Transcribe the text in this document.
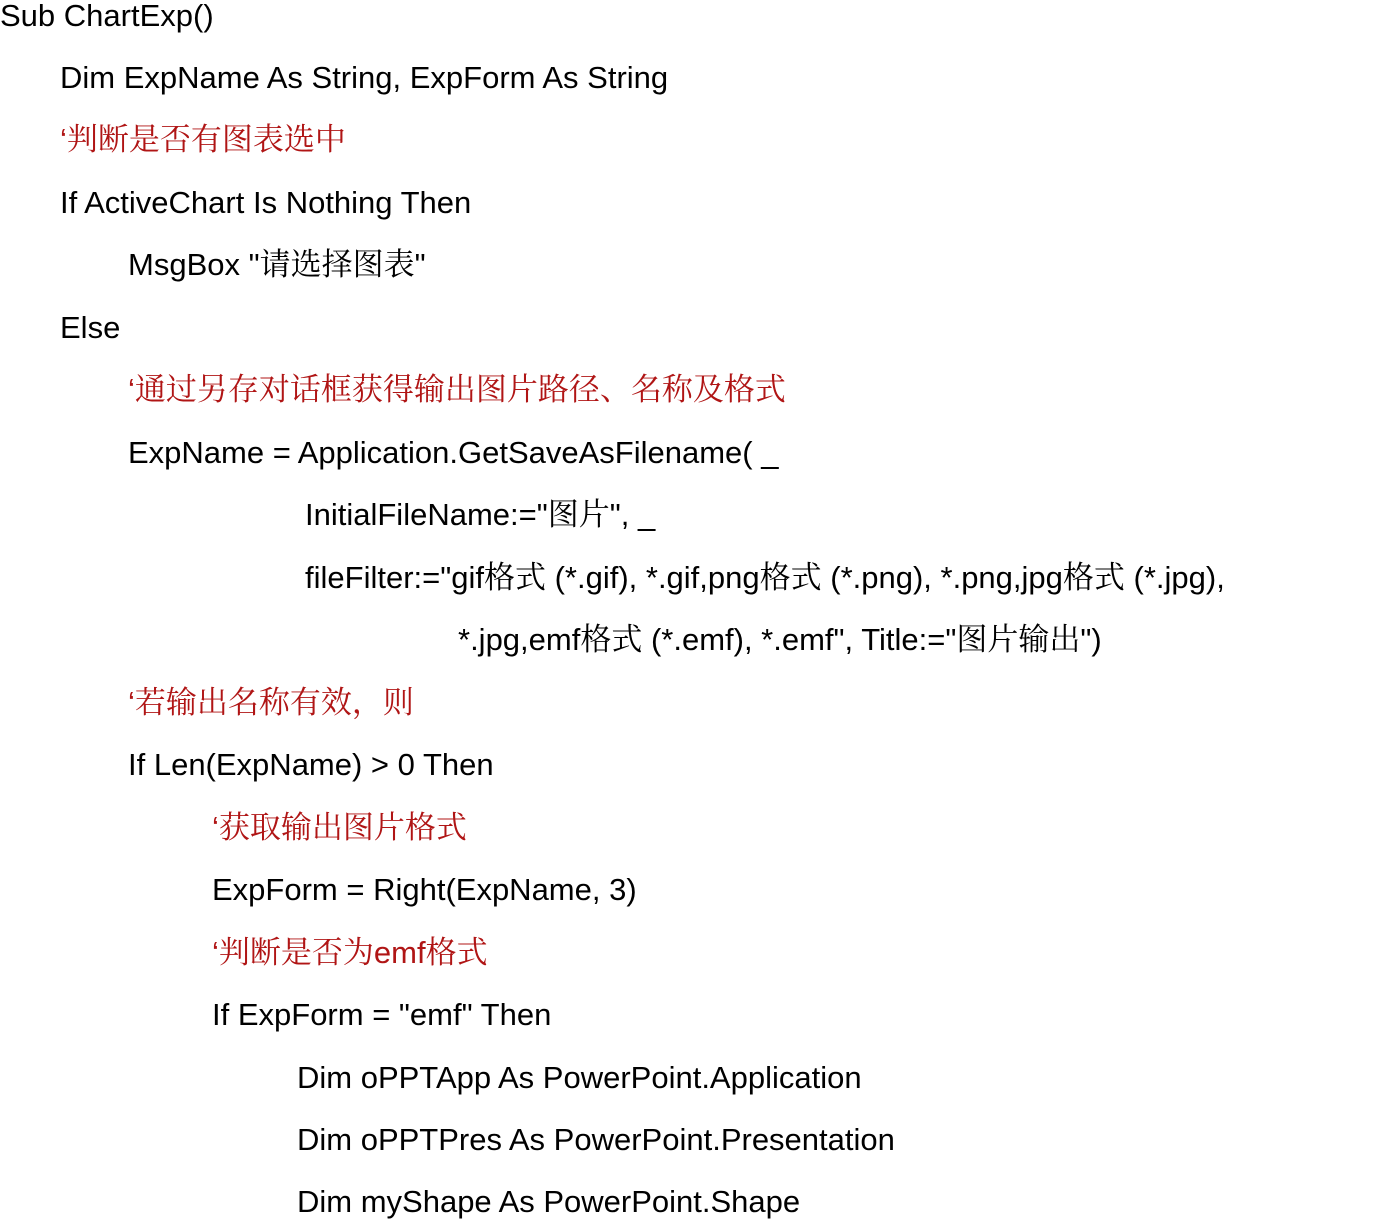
Sub ChartExp()
Dim ExpName As String, ExpForm As String
‘判断是否有图表选中
If ActiveChart Is Nothing Then
MsgBox "请选择图表"
Else
‘通过另存对话框获得输出图片路径、名称及格式
ExpName = Application.GetSaveAsFilename( _
InitialFileName:="图片", _
fileFilter:="gif格式 (*.gif), *.gif,png格式 (*.png), *.png,jpg格式 (*.jpg),
*.jpg,emf格式 (*.emf), *.emf", Title:="图片输出")
‘若输出名称有效，则
If Len(ExpName) > 0 Then
‘获取输出图片格式
ExpForm = Right(ExpName, 3)
‘判断是否为emf格式
If ExpForm = "emf" Then
Dim oPPTApp As PowerPoint.Application
Dim oPPTPres As PowerPoint.Presentation
Dim myShape As PowerPoint.Shape
